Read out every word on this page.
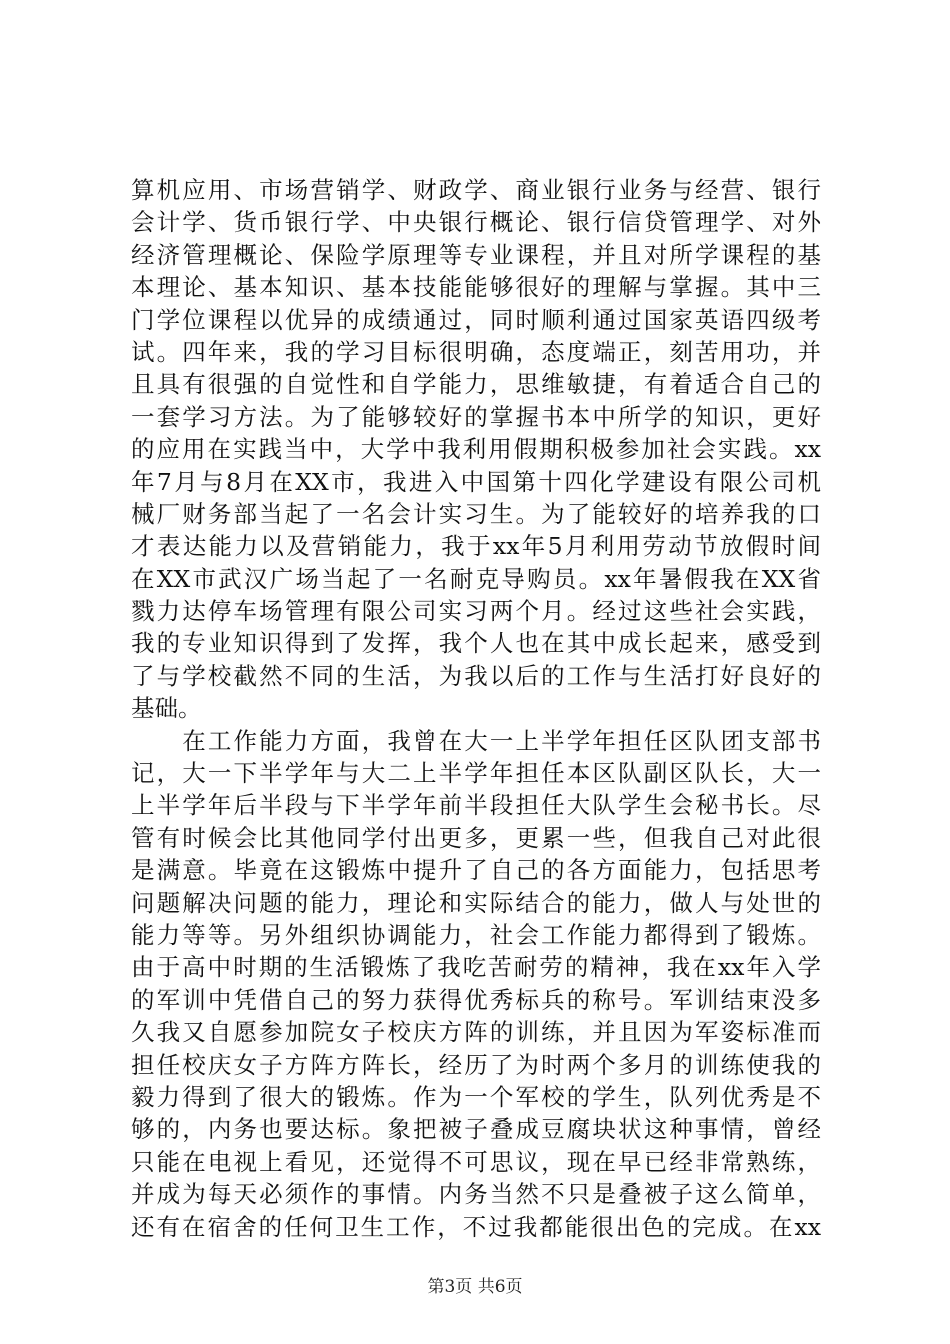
算机应用、市场营销学、财政学、商业银行业务与经营、银行
会计学、货币银行学、中央银行概论、银行信贷管理学、对外
经济管理概论、保险学原理等专业课程，并且对所学课程的基
本理论、基本知识、基本技能能够很好的理解与掌握。其中三
门学位课程以优异的成绩通过，同时顺利通过国家英语四级考
试。四年来，我的学习目标很明确，态度端正，刻苦用功，并
且具有很强的自觉性和自学能力，思维敏捷，有着适合自己的
一套学习方法。为了能够较好的掌握书本中所学的知识，更好
的应用在实践当中，大学中我利用假期积极参加社会实践。xx
年7月与8月在XX市，我进入中国第十四化学建设有限公司机
械厂财务部当起了一名会计实习生。为了能较好的培养我的口
才表达能力以及营销能力，我于xx年5月利用劳动节放假时间
在XX市武汉广场当起了一名耐克导购员。xx年暑假我在XX省
戮力达停车场管理有限公司实习两个月。经过这些社会实践，
我的专业知识得到了发挥，我个人也在其中成长起来，感受到
了与学校截然不同的生活，为我以后的工作与生活打好良好的
基础。
　　在工作能力方面，我曾在大一上半学年担任区队团支部书
记，大一下半学年与大二上半学年担任本区队副区队长，大一
上半学年后半段与下半学年前半段担任大队学生会秘书长。尽
管有时候会比其他同学付出更多，更累一些，但我自己对此很
是满意。毕竟在这锻炼中提升了自己的各方面能力，包括思考
问题解决问题的能力，理论和实际结合的能力，做人与处世的
能力等等。另外组织协调能力，社会工作能力都得到了锻炼。
由于高中时期的生活锻炼了我吃苦耐劳的精神，我在xx年入学
的军训中凭借自己的努力获得优秀标兵的称号。军训结束没多
久我又自愿参加院女子校庆方阵的训练，并且因为军姿标准而
担任校庆女子方阵方阵长，经历了为时两个多月的训练使我的
毅力得到了很大的锻炼。作为一个军校的学生，队列优秀是不
够的，内务也要达标。象把被子叠成豆腐块状这种事情，曾经
只能在电视上看见，还觉得不可思议，现在早已经非常熟练，
并成为每天必须作的事情。内务当然不只是叠被子这么简单，
还有在宿舍的任何卫生工作，不过我都能很出色的完成。在xx
第3页 共6页
